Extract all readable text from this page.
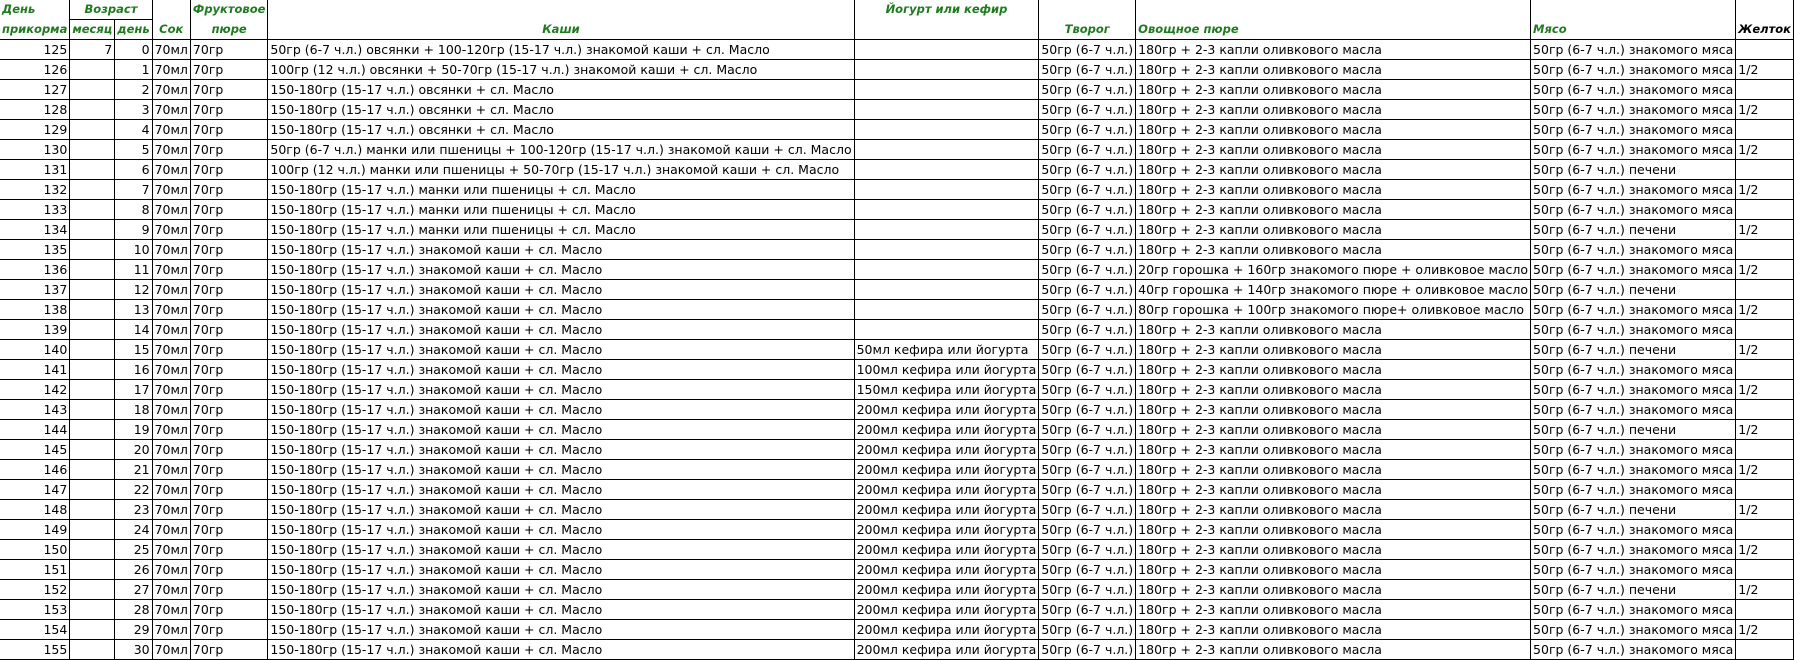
День	Возраст			Фруктовое		Йогурт или кефир				
прикорма	месяц	день	Сок	пюре	Каши		Творог	Овощное пюре	Мясо	Желток
125	7	0	70мл	70гр	50гр (6-7 ч.л.) овсянки + 100-120гр (15-17 ч.л.) знакомой каши + сл. Масло		50гр (6-7 ч.л.)	180гр + 2-3 капли оливкового масла	50гр (6-7 ч.л.) знакомого мяса	
126		1	70мл	70гр	100гр (12 ч.л.) овсянки + 50-70гр (15-17 ч.л.) знакомой каши + сл. Масло		50гр (6-7 ч.л.)	180гр + 2-3 капли оливкового масла	50гр (6-7 ч.л.) знакомого мяса	1/2
127		2	70мл	70гр	150-180гр (15-17 ч.л.) овсянки + сл. Масло		50гр (6-7 ч.л.)	180гр + 2-3 капли оливкового масла	50гр (6-7 ч.л.) знакомого мяса	
128		3	70мл	70гр	150-180гр (15-17 ч.л.) овсянки + сл. Масло		50гр (6-7 ч.л.)	180гр + 2-3 капли оливкового масла	50гр (6-7 ч.л.) знакомого мяса	1/2
129		4	70мл	70гр	150-180гр (15-17 ч.л.) овсянки + сл. Масло		50гр (6-7 ч.л.)	180гр + 2-3 капли оливкового масла	50гр (6-7 ч.л.) знакомого мяса	
130		5	70мл	70гр	50гр (6-7 ч.л.) манки или пшеницы + 100-120гр (15-17 ч.л.) знакомой каши + сл. Масло		50гр (6-7 ч.л.)	180гр + 2-3 капли оливкового масла	50гр (6-7 ч.л.) знакомого мяса	1/2
131		6	70мл	70гр	100гр (12 ч.л.) манки или пшеницы + 50-70гр (15-17 ч.л.) знакомой каши + сл. Масло		50гр (6-7 ч.л.)	180гр + 2-3 капли оливкового масла	50гр (6-7 ч.л.) печени	
132		7	70мл	70гр	150-180гр (15-17 ч.л.) манки или пшеницы + сл. Масло		50гр (6-7 ч.л.)	180гр + 2-3 капли оливкового масла	50гр (6-7 ч.л.) знакомого мяса	1/2
133		8	70мл	70гр	150-180гр (15-17 ч.л.) манки или пшеницы + сл. Масло		50гр (6-7 ч.л.)	180гр + 2-3 капли оливкового масла	50гр (6-7 ч.л.) знакомого мяса	
134		9	70мл	70гр	150-180гр (15-17 ч.л.) манки или пшеницы + сл. Масло		50гр (6-7 ч.л.)	180гр + 2-3 капли оливкового масла	50гр (6-7 ч.л.) печени	1/2
135		10	70мл	70гр	150-180гр (15-17 ч.л.) знакомой каши + сл. Масло		50гр (6-7 ч.л.)	180гр + 2-3 капли оливкового масла	50гр (6-7 ч.л.) знакомого мяса	
136		11	70мл	70гр	150-180гр (15-17 ч.л.) знакомой каши + сл. Масло		50гр (6-7 ч.л.)	20гр горошка + 160гр знакомого пюре + оливковое масло	50гр (6-7 ч.л.) знакомого мяса	1/2
137		12	70мл	70гр	150-180гр (15-17 ч.л.) знакомой каши + сл. Масло		50гр (6-7 ч.л.)	40гр горошка + 140гр знакомого пюре + оливковое масло	50гр (6-7 ч.л.) печени	
138		13	70мл	70гр	150-180гр (15-17 ч.л.) знакомой каши + сл. Масло		50гр (6-7 ч.л.)	80гр горошка + 100гр знакомого пюре+ оливковое масло	50гр (6-7 ч.л.) знакомого мяса	1/2
139		14	70мл	70гр	150-180гр (15-17 ч.л.) знакомой каши + сл. Масло		50гр (6-7 ч.л.)	180гр + 2-3 капли оливкового масла	50гр (6-7 ч.л.) знакомого мяса	
140		15	70мл	70гр	150-180гр (15-17 ч.л.) знакомой каши + сл. Масло	50мл кефира или йогурта	50гр (6-7 ч.л.)	180гр + 2-3 капли оливкового масла	50гр (6-7 ч.л.) печени	1/2
141		16	70мл	70гр	150-180гр (15-17 ч.л.) знакомой каши + сл. Масло	100мл кефира или йогурта	50гр (6-7 ч.л.)	180гр + 2-3 капли оливкового масла	50гр (6-7 ч.л.) знакомого мяса	
142		17	70мл	70гр	150-180гр (15-17 ч.л.) знакомой каши + сл. Масло	150мл кефира или йогурта	50гр (6-7 ч.л.)	180гр + 2-3 капли оливкового масла	50гр (6-7 ч.л.) знакомого мяса	1/2
143		18	70мл	70гр	150-180гр (15-17 ч.л.) знакомой каши + сл. Масло	200мл кефира или йогурта	50гр (6-7 ч.л.)	180гр + 2-3 капли оливкового масла	50гр (6-7 ч.л.) знакомого мяса	
144		19	70мл	70гр	150-180гр (15-17 ч.л.) знакомой каши + сл. Масло	200мл кефира или йогурта	50гр (6-7 ч.л.)	180гр + 2-3 капли оливкового масла	50гр (6-7 ч.л.) печени	1/2
145		20	70мл	70гр	150-180гр (15-17 ч.л.) знакомой каши + сл. Масло	200мл кефира или йогурта	50гр (6-7 ч.л.)	180гр + 2-3 капли оливкового масла	50гр (6-7 ч.л.) знакомого мяса	
146		21	70мл	70гр	150-180гр (15-17 ч.л.) знакомой каши + сл. Масло	200мл кефира или йогурта	50гр (6-7 ч.л.)	180гр + 2-3 капли оливкового масла	50гр (6-7 ч.л.) знакомого мяса	1/2
147		22	70мл	70гр	150-180гр (15-17 ч.л.) знакомой каши + сл. Масло	200мл кефира или йогурта	50гр (6-7 ч.л.)	180гр + 2-3 капли оливкового масла	50гр (6-7 ч.л.) знакомого мяса	
148		23	70мл	70гр	150-180гр (15-17 ч.л.) знакомой каши + сл. Масло	200мл кефира или йогурта	50гр (6-7 ч.л.)	180гр + 2-3 капли оливкового масла	50гр (6-7 ч.л.) печени	1/2
149		24	70мл	70гр	150-180гр (15-17 ч.л.) знакомой каши + сл. Масло	200мл кефира или йогурта	50гр (6-7 ч.л.)	180гр + 2-3 капли оливкового масла	50гр (6-7 ч.л.) знакомого мяса	
150		25	70мл	70гр	150-180гр (15-17 ч.л.) знакомой каши + сл. Масло	200мл кефира или йогурта	50гр (6-7 ч.л.)	180гр + 2-3 капли оливкового масла	50гр (6-7 ч.л.) знакомого мяса	1/2
151		26	70мл	70гр	150-180гр (15-17 ч.л.) знакомой каши + сл. Масло	200мл кефира или йогурта	50гр (6-7 ч.л.)	180гр + 2-3 капли оливкового масла	50гр (6-7 ч.л.) знакомого мяса	
152		27	70мл	70гр	150-180гр (15-17 ч.л.) знакомой каши + сл. Масло	200мл кефира или йогурта	50гр (6-7 ч.л.)	180гр + 2-3 капли оливкового масла	50гр (6-7 ч.л.) печени	1/2
153		28	70мл	70гр	150-180гр (15-17 ч.л.) знакомой каши + сл. Масло	200мл кефира или йогурта	50гр (6-7 ч.л.)	180гр + 2-3 капли оливкового масла	50гр (6-7 ч.л.) знакомого мяса	
154		29	70мл	70гр	150-180гр (15-17 ч.л.) знакомой каши + сл. Масло	200мл кефира или йогурта	50гр (6-7 ч.л.)	180гр + 2-3 капли оливкового масла	50гр (6-7 ч.л.) знакомого мяса	1/2
155		30	70мл	70гр	150-180гр (15-17 ч.л.) знакомой каши + сл. Масло	200мл кефира или йогурта	50гр (6-7 ч.л.)	180гр + 2-3 капли оливкового масла	50гр (6-7 ч.л.) знакомого мяса	
